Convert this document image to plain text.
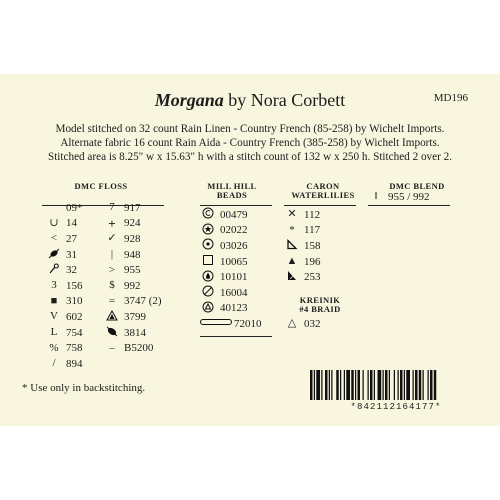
Morgana by Nora Corbett	MD196
Model stitched on 32 count Rain Linen - Country French (85-258) by Wichelt Imports.
Alternate fabric 16 count Rain Aida - Country French (385-258) by Wichelt Imports.
Stitched area is 8.25" w x 15.63" h with a stitch count of 132 w x 250 h. Stitched 2 over 2.
DMC FLOSS
09*
∪ 14
< 27
31
32
3 156
■ 310
V 602
L 754
% 758
/ 894
7 917
+ 924
✓ 928
| 948
> 955
$ 992
= 3747 (2)
3799
3814
– B5200
MILL HILL
BEADS
00479
02022
03026
10065
10101
16004
40123
72010
CARON
WATERLILIES
✕ 112
* 117
158
▲ 196
253
KREINIK
#4 BRAID
△ 032
DMC BLEND
‖ 955 / 992
* Use only in backstitching.
*842112164177*
